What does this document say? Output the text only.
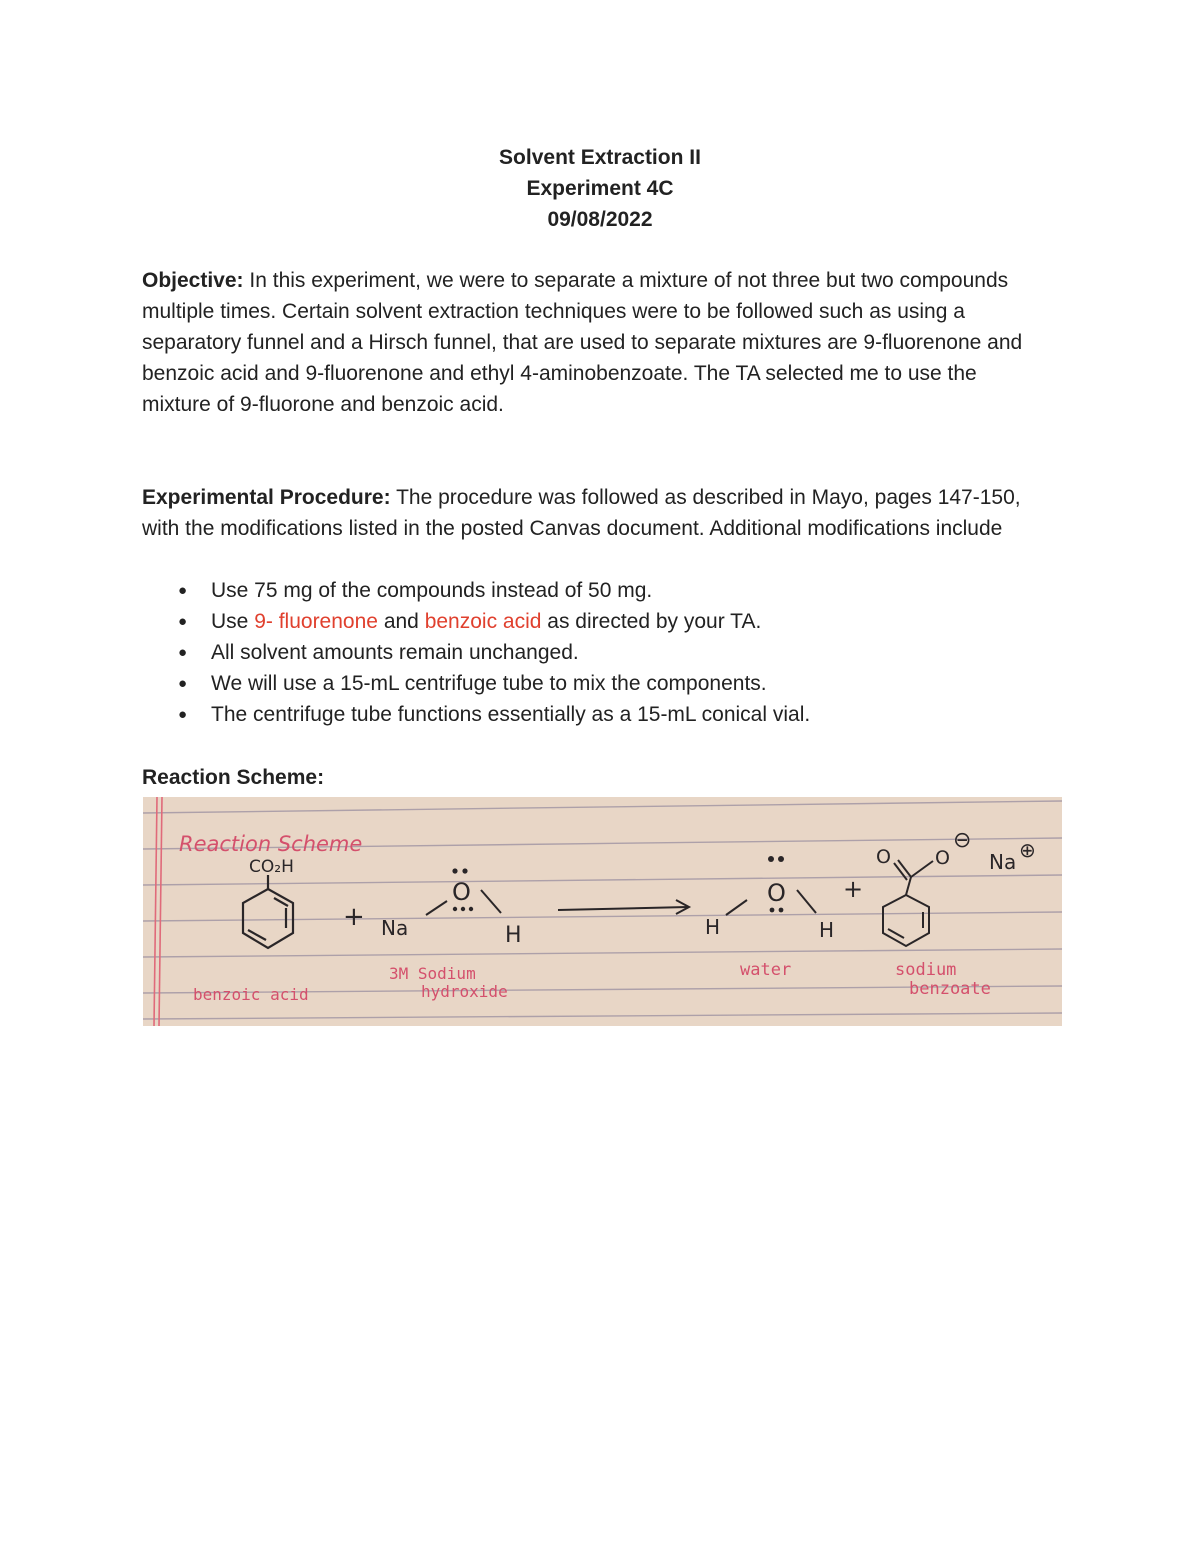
Solvent Extraction II
Experiment 4C
09/08/2022
Objective: In this experiment, we were to separate a mixture of not three but two compounds multiple times. Certain solvent extraction techniques were to be followed such as using a separatory funnel and a Hirsch funnel, that are used to separate mixtures are 9-fluorenone and benzoic acid and 9-fluorenone and ethyl 4-aminobenzoate. The TA selected me to use the mixture of 9-fluorone and benzoic acid.
Experimental Procedure: The procedure was followed as described in Mayo, pages 147-150, with the modifications listed in the posted Canvas document. Additional modifications include
● Use 75 mg of the compounds instead of 50 mg.
● Use 9- fluorenone and benzoic acid as directed by your TA.
● All solvent amounts remain unchanged.
● We will use a 15-mL centrifuge tube to mix the components.
● The centrifuge tube functions essentially as a 15-mL conical vial.
Reaction Scheme:
Reaction Scheme
CO₂H
benzoic acid
+ Na
O
H
3M Sodium
hydroxide
H
O
H
water
+
O O
⊖
Na ⊕
sodium
benzoate
